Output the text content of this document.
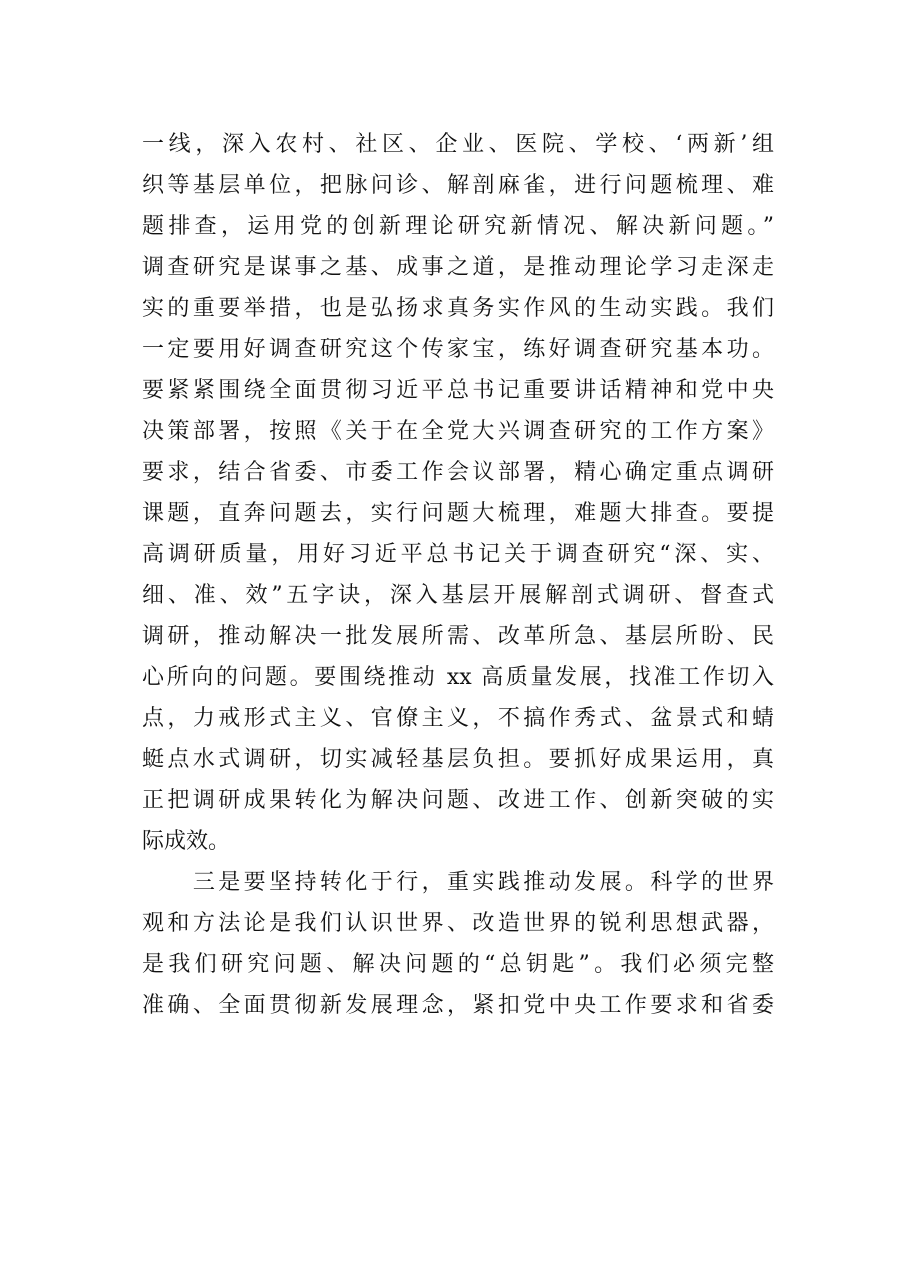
一线，深入农村、社区、企业、医院、学校、‘两新’组
织等基层单位，把脉问诊、解剖麻雀，进行问题梳理、难
题排查，运用党的创新理论研究新情况、解决新问题。”
调查研究是谋事之基、成事之道，是推动理论学习走深走
实的重要举措，也是弘扬求真务实作风的生动实践。我们
一定要用好调查研究这个传家宝，练好调查研究基本功。
要紧紧围绕全面贯彻习近平总书记重要讲话精神和党中央
决策部署，按照《关于在全党大兴调查研究的工作方案》
要求，结合省委、市委工作会议部署，精心确定重点调研
课题，直奔问题去，实行问题大梳理，难题大排查。要提
高调研质量，用好习近平总书记关于调查研究“深、实、
细、准、效”五字诀，深入基层开展解剖式调研、督查式
调研，推动解决一批发展所需、改革所急、基层所盼、民
心所向的问题。要围绕推动 xx 高质量发展，找准工作切入
点，力戒形式主义、官僚主义，不搞作秀式、盆景式和蜻
蜓点水式调研，切实减轻基层负担。要抓好成果运用，真
正把调研成果转化为解决问题、改进工作、创新突破的实
际成效。
　　三是要坚持转化于行，重实践推动发展。科学的世界
观和方法论是我们认识世界、改造世界的锐利思想武器，
是我们研究问题、解决问题的“总钥匙”。我们必须完整
准确、全面贯彻新发展理念，紧扣党中央工作要求和省委
